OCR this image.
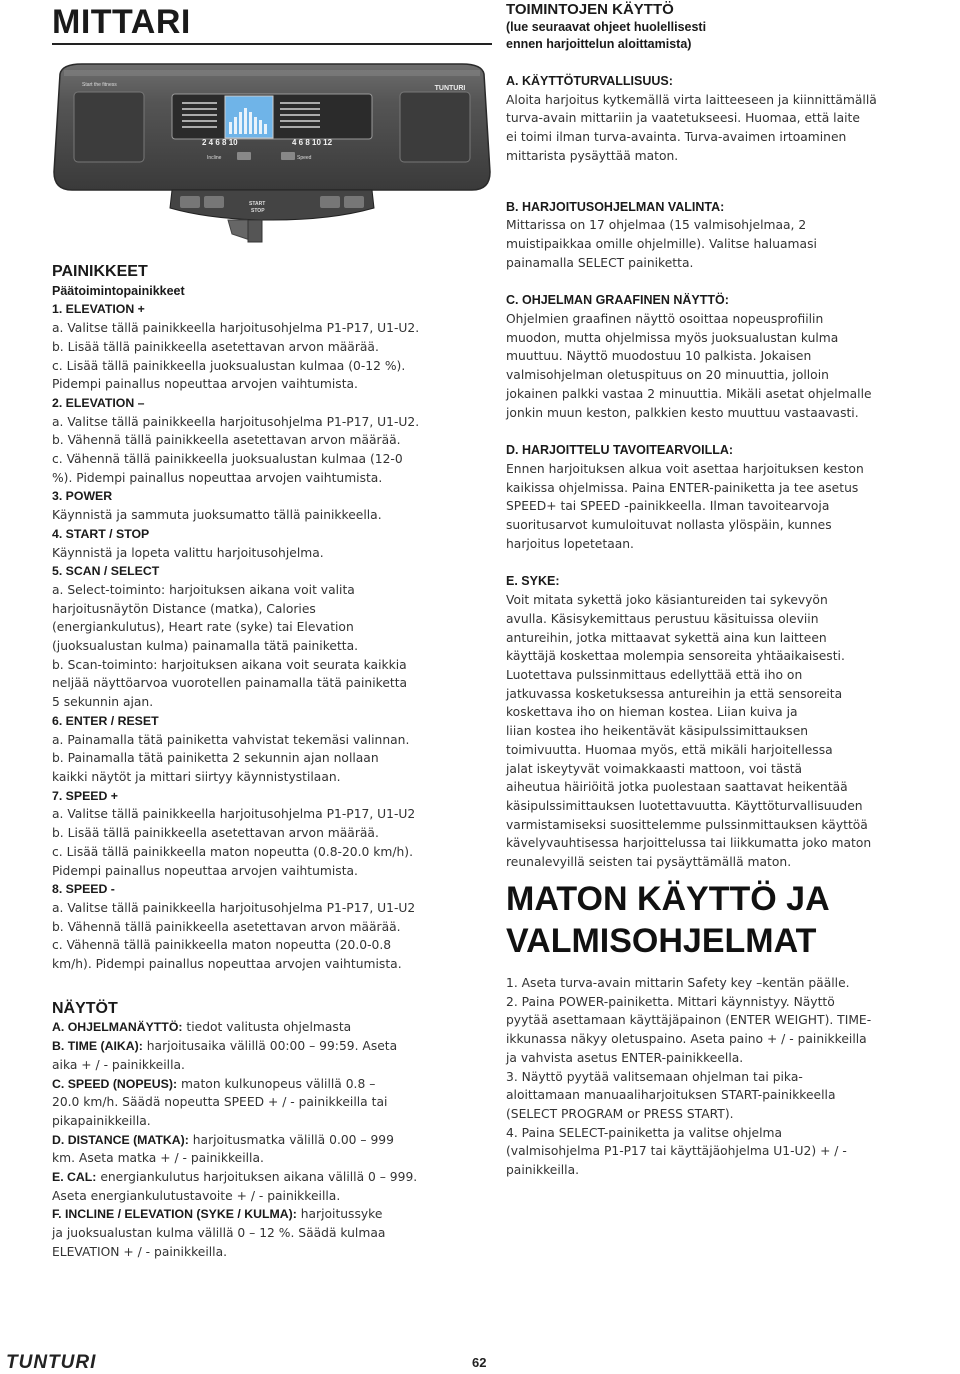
MITTARI
Start the fitness	TUNTURI
2 4 6 8 10	4 6 8 10 12
Incline	Speed
START
STOP
PAINIKKEET
Päätoimintopainikkeet
1. ELEVATION +
a. Valitse tällä painikkeella harjoitusohjelma P1-P17, U1-U2.
b. Lisää tällä painikkeella asetettavan arvon määrää.
c. Lisää tällä painikkeella juoksualustan kulmaa (0-12 %).
Pidempi painallus nopeuttaa arvojen vaihtumista.
2. ELEVATION –
a. Valitse tällä painikkeella harjoitusohjelma P1-P17, U1-U2.
b. Vähennä tällä painikkeella asetettavan arvon määrää.
c. Vähennä tällä painikkeella juoksualustan kulmaa (12-0
%). Pidempi painallus nopeuttaa arvojen vaihtumista.
3. POWER
Käynnistä ja sammuta juoksumatto tällä painikkeella.
4. START / STOP
Käynnistä ja lopeta valittu harjoitusohjelma.
5. SCAN / SELECT
a. Select-toiminto: harjoituksen aikana voit valita
harjoitusnäytön Distance (matka), Calories
(energiankulutus), Heart rate (syke) tai Elevation
(juoksualustan kulma) painamalla tätä painiketta.
b. Scan-toiminto: harjoituksen aikana voit seurata kaikkia
neljää näyttöarvoa vuorotellen painamalla tätä painiketta
5 sekunnin ajan.
6. ENTER / RESET
a. Painamalla tätä painiketta vahvistat tekemäsi valinnan.
b. Painamalla tätä painiketta 2 sekunnin ajan nollaan
kaikki näytöt ja mittari siirtyy käynnistystilaan.
7. SPEED +
a. Valitse tällä painikkeella harjoitusohjelma P1-P17, U1-U2
b. Lisää tällä painikkeella asetettavan arvon määrää.
c. Lisää tällä painikkeella maton nopeutta (0.8-20.0 km/h).
Pidempi painallus nopeuttaa arvojen vaihtumista.
8. SPEED -
a. Valitse tällä painikkeella harjoitusohjelma P1-P17, U1-U2
b. Vähennä tällä painikkeella asetettavan arvon määrää.
c. Vähennä tällä painikkeella maton nopeutta (20.0-0.8
km/h). Pidempi painallus nopeuttaa arvojen vaihtumista.
NÄYTÖT
A. OHJELMANÄYTTÖ: tiedot valitusta ohjelmasta
B. TIME (AIKA): harjoitusaika välillä 00:00 – 99:59. Aseta
aika + / - painikkeilla.
C. SPEED (NOPEUS): maton kulkunopeus välillä 0.8 –
20.0 km/h. Säädä nopeutta SPEED + / - painikkeilla tai
pikapainikkeilla.
D. DISTANCE (MATKA): harjoitusmatka välillä 0.00 – 999
km. Aseta matka + / - painikkeilla.
E. CAL: energiankulutus harjoituksen aikana välillä 0 – 999.
Aseta energiankulutustavoite + / - painikkeilla.
F. INCLINE / ELEVATION (SYKE / KULMA): harjoitussyke
ja juoksualustan kulma välillä 0 – 12 %. Säädä kulmaa
ELEVATION + / - painikkeilla.
TOIMINTOJEN KÄYTTÖ
(lue seuraavat ohjeet huolellisesti
ennen harjoittelun aloittamista)
A. KÄYTTÖTURVALLISUUS:
Aloita harjoitus kytkemällä virta laitteeseen ja kiinnittämällä
turva-avain mittariin ja vaatetukseesi. Huomaa, että laite
ei toimi ilman turva-avainta. Turva-avaimen irtoaminen
mittarista pysäyttää maton.
B. HARJOITUSOHJELMAN VALINTA:
Mittarissa on 17 ohjelmaa (15 valmisohjelmaa, 2
muistipaikkaa omille ohjelmille). Valitse haluamasi
painamalla SELECT painiketta.
C. OHJELMAN GRAAFINEN NÄYTTÖ:
Ohjelmien graafinen näyttö osoittaa nopeusprofiilin
muodon, mutta ohjelmissa myös juoksualustan kulma
muuttuu. Näyttö muodostuu 10 palkista. Jokaisen
valmisohjelman oletuspituus on 20 minuuttia, jolloin
jokainen palkki vastaa 2 minuuttia. Mikäli asetat ohjelmalle
jonkin muun keston, palkkien kesto muuttuu vastaavasti.
D. HARJOITTELU TAVOITEARVOILLA:
Ennen harjoituksen alkua voit asettaa harjoituksen keston
kaikissa ohjelmissa. Paina ENTER-painiketta ja tee asetus
SPEED+ tai SPEED -painikkeella. Ilman tavoitearvoja
suoritusarvot kumuloituvat nollasta ylöspäin, kunnes
harjoitus lopetetaan.
E. SYKE:
Voit mitata sykettä joko käsiantureiden tai sykevyön
avulla. Käsisykemittaus perustuu käsituissa oleviin
antureihin, jotka mittaavat sykettä aina kun laitteen
käyttäjä koskettaa molempia sensoreita yhtäaikaisesti.
Luotettava pulssinmittaus edellyttää että iho on
jatkuvassa kosketuksessa antureihin ja että sensoreita
koskettava iho on hieman kostea. Liian kuiva ja
liian kostea iho heikentävät käsipulssimittauksen
toimivuutta. Huomaa myös, että mikäli harjoitellessa
jalat iskeytyvät voimakkaasti mattoon, voi tästä
aiheutua häiriöitä jotka puolestaan saattavat heikentää
käsipulssimittauksen luotettavuutta. Käyttöturvallisuuden
varmistamiseksi suosittelemme pulssinmittauksen käyttöä
kävelyvauhtisessa harjoittelussa tai liikkumatta joko maton
reunalevyillä seisten tai pysäyttämällä maton.
MATON KÄYTTÖ JA
VALMISOHJELMAT
1. Aseta turva-avain mittarin Safety key –kentän päälle.
2. Paina POWER-painiketta. Mittari käynnistyy. Näyttö
pyytää asettamaan käyttäjäpainon (ENTER WEIGHT). TIME-
ikkunassa näkyy oletuspaino. Aseta paino + / - painikkeilla
ja vahvista asetus ENTER-painikkeella.
3. Näyttö pyytää valitsemaan ohjelman tai pika-
aloittamaan manuaaliharjoituksen START-painikkeella
(SELECT PROGRAM or PRESS START).
4. Paina SELECT-painiketta ja valitse ohjelma
(valmisohjelma P1-P17 tai käyttäjäohjelma U1-U2) + / -
painikkeilla.
TUNTURI	62
